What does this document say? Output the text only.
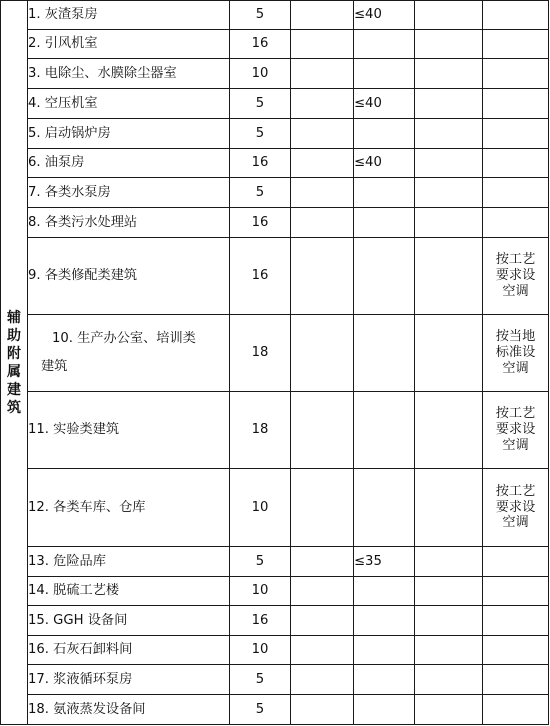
辅助附属建筑	1. 灰渣泵房	5		≤40		
	2. 引风机室	16				
	3. 电除尘、水膜除尘器室	10				
	4. 空压机室	5		≤40		
	5. 启动锅炉房	5				
	6. 油泵房	16		≤40		
	7. 各类水泵房	5				
	8. 各类污水处理站	16				
	9. 各类修配类建筑	16				按工艺
要求设
空调

	10. 生产办公室、培训类
建筑	18				按当地
标准设
空调

	11. 实验类建筑	18				按工艺
要求设
空调

	12. 各类车库、仓库	10				按工艺
要求设
空调

	13. 危险品库	5		≤35		
	14. 脱硫工艺楼	10				
	15. GGH 设备间	16				
	16. 石灰石卸料间	10				
	17. 浆液循环泵房	5				
	18. 氨液蒸发设备间	5				
